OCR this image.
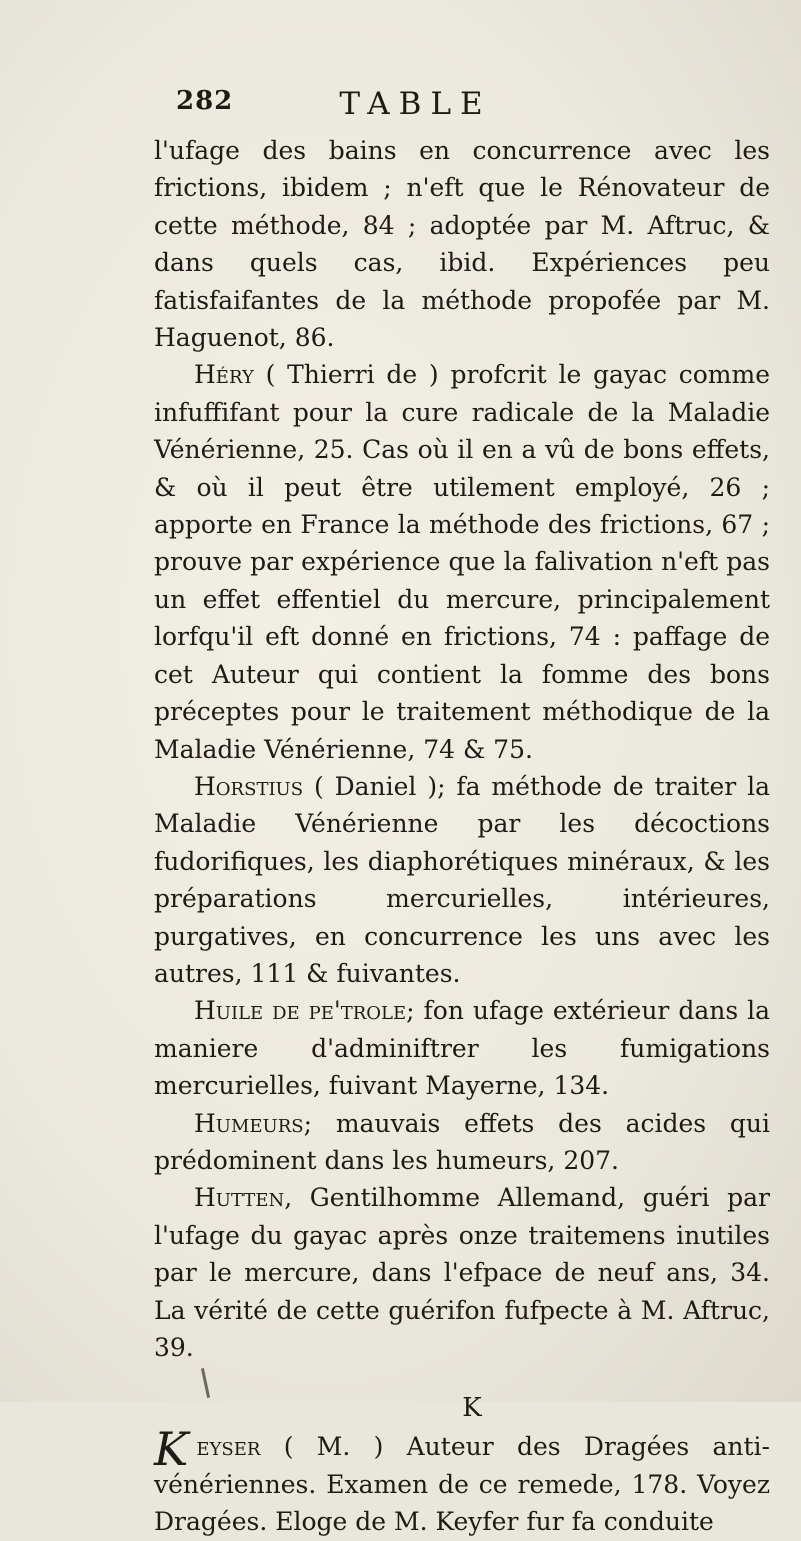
282	TABLE

l'ufage des bains en concurrence avec les frictions, ibidem ; n'eft que le Rénovateur de cette méthode, 84 ; adoptée par M. Aftruc, & dans quels cas, ibid. Expériences peu fatisfaifantes de la méthode propofée par M. Haguenot, 86.

Héry ( Thierri de ) profcrit le gayac comme infuffifant pour la cure radicale de la Maladie Vénérienne, 25. Cas où il en a vû de bons effets, & où il peut être utilement employé, 26 ; apporte en France la méthode des frictions, 67 ; prouve par expérience que la falivation n'eft pas un effet effentiel du mercure, principalement lorfqu'il eft donné en frictions, 74 : paffage de cet Auteur qui contient la fomme des bons préceptes pour le traitement méthodique de la Maladie Vénérienne, 74 & 75.

Horstius ( Daniel ); fa méthode de traiter la Maladie Vénérienne par les décoctions fudorifiques, les diaphorétiques minéraux, & les préparations mercurielles, intérieures, purgatives, en concurrence les uns avec les autres, 111 & fuivantes.

Huile de pe'trole; fon ufage extérieur dans la maniere d'adminiftrer les fumigations mercurielles, fuivant Mayerne, 134.

Humeurs; mauvais effets des acides qui prédominent dans les humeurs, 207.

Hutten, Gentilhomme Allemand, guéri par l'ufage du gayac après onze traitemens inutiles par le mercure, dans l'efpace de neuf ans, 34. La vérité de cette guérifon fufpecte à M. Aftruc, 39.

K

Keyser ( M. ) Auteur des Dragées anti-vénériennes. Examen de ce remede, 178. Voyez Dragées. Eloge de M. Keyfer fur fa conduite
